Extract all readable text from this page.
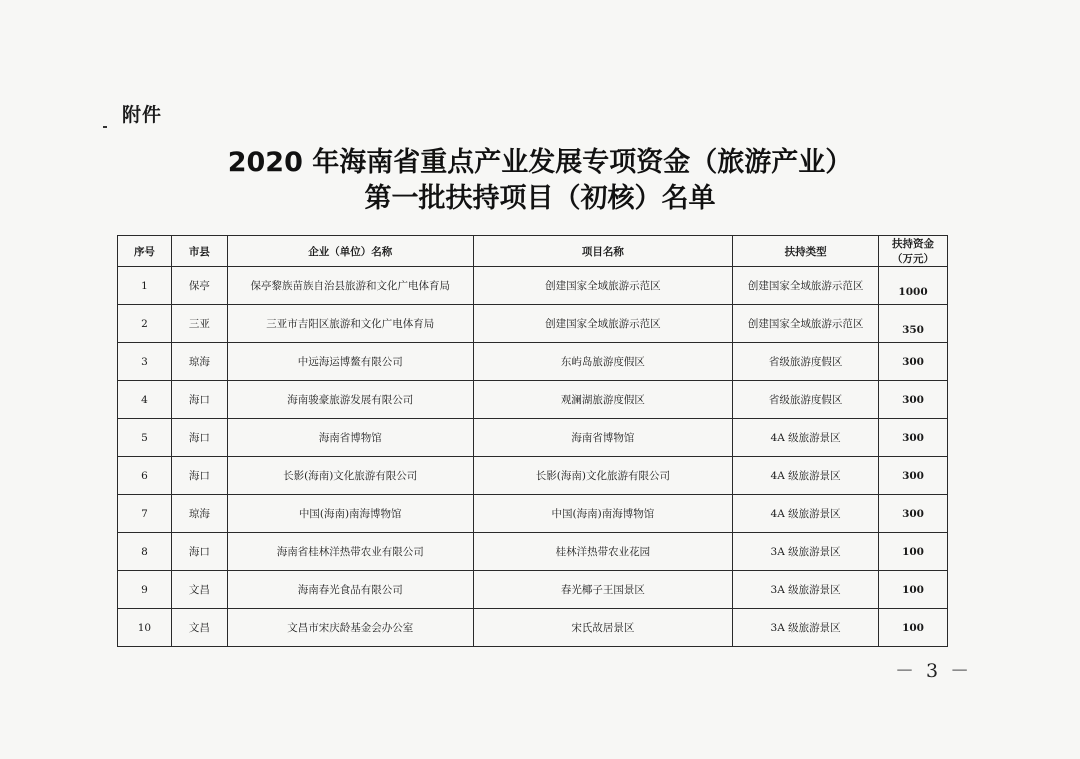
附件
2020 年海南省重点产业发展专项资金（旅游产业）
第一批扶持项目（初核）名单
序号	市县	企业（单位）名称	项目名称	扶持类型	扶持资金
（万元）

1	保亭	保亭黎族苗族自治县旅游和文化广电体育局	创建国家全域旅游示范区	创建国家全域旅游示范区	1000
2	三亚	三亚市吉阳区旅游和文化广电体育局	创建国家全域旅游示范区	创建国家全域旅游示范区	350
3	琼海	中远海运博鳌有限公司	东屿岛旅游度假区	省级旅游度假区	300
4	海口	海南骏豪旅游发展有限公司	观澜湖旅游度假区	省级旅游度假区	300
5	海口	海南省博物馆	海南省博物馆	4A 级旅游景区	300
6	海口	长影(海南)文化旅游有限公司	长影(海南)文化旅游有限公司	4A 级旅游景区	300
7	琼海	中国(海南)南海博物馆	中国(海南)南海博物馆	4A 级旅游景区	300
8	海口	海南省桂林洋热带农业有限公司	桂林洋热带农业花园	3A 级旅游景区	100
9	文昌	海南春光食品有限公司	春光椰子王国景区	3A 级旅游景区	100
10	文昌	文昌市宋庆龄基金会办公室	宋氏故居景区	3A 级旅游景区	100
－ 3 －
